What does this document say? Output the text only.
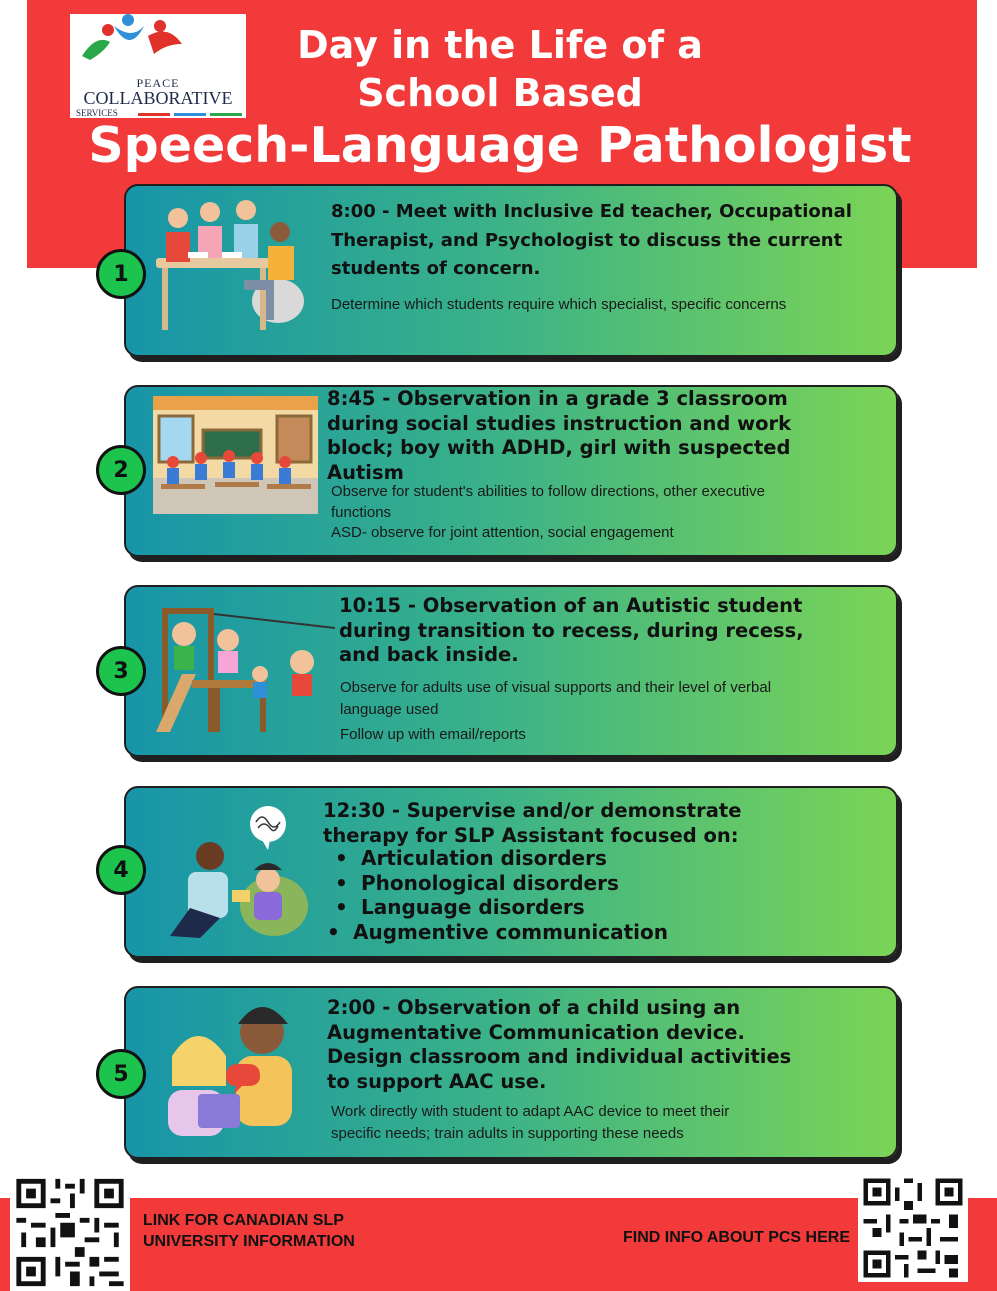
PEACE
COLLABORATIVE
SERVICES
Day in the Life of a
School Based
Speech-Language Pathologist
1
8:00 - Meet with Inclusive Ed teacher, Occupational
Therapist, and Psychologist to discuss the current
students of concern.
Determine which students require which specialist, specific concerns
2
8:45 - Observation in a grade 3 classroom
during social studies instruction and work
block; boy with ADHD, girl with suspected
Autism
Observe for student's abilities to follow directions, other executive
functions
ASD- observe for joint attention, social engagement
3
10:15 - Observation of an Autistic student
during transition to recess, during recess,
and back inside.
Observe for adults use of visual supports and their level of verbal
language used
Follow up with email/reports
4
12:30 - Supervise and/or demonstrate
therapy for SLP Assistant focused on:
• Articulation disorders
• Phonological disorders
• Language disorders
• Augmentive communication
5
2:00 - Observation of a child using an
Augmentative Communication device.
Design classroom and individual activities
to support AAC use.
Work directly with student to adapt AAC device to meet their
specific needs; train adults in supporting these needs
LINK FOR CANADIAN SLP
UNIVERSITY INFORMATION	FIND INFO ABOUT PCS HERE
